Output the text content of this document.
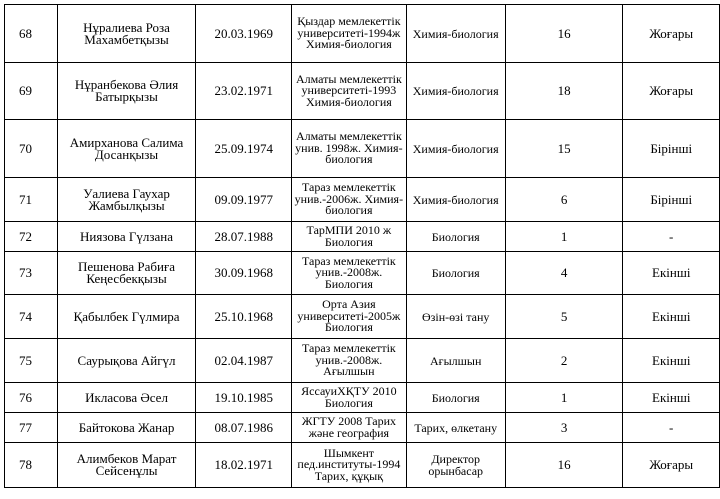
68	Нұралиева Роза Махамбетқызы	20.03.1969	Қыздар мемлекеттік университеті-1994ж Химия-биология	Химия-биология	16	Жоғары
69	Нұранбекова Әлия Батырқызы	23.02.1971	Алматы мемлекеттік университеті-1993 Химия-биология	Химия-биология	18	Жоғары
70	Амирханова Салима Досанқызы	25.09.1974	Алматы мемлекеттік унив. 1998ж. Химия-биология	Химия-биология	15	Бірінші
71	Уалиева Гаухар Жамбылқызы	09.09.1977	Тараз мемлекеттік унив.-2006ж. Химия-биология	Химия-биология	6	Бірінші
72	Ниязова Гүлзана	28.07.1988	ТарМПИ 2010 ж Биология	Биология	1	-
73	Пешенова Рабиға Кеңесбекқызы	30.09.1968	Тараз мемлекеттік унив.-2008ж. Биология	Биология	4	Екінші
74	Қабылбек Гүлмира	25.10.1968	Орта Азия университеті-2005ж Биология	Өзін-өзі тану	5	Екінші
75	Саурықова Айгүл	02.04.1987	Тараз мемлекеттік унив.-2008ж. Ағылшын	Ағылшын	2	Екінші
76	Икласова Әсел	19.10.1985	ЯссауиХҚТУ 2010 Биология	Биология	1	Екінші
77	Байтокова Жанар	08.07.1986	ЖГТУ 2008 Тарих және география	Тарих, өлкетану	3	-
78	Алимбеков Марат Сейсенұлы	18.02.1971	Шымкент пед.институты-1994 Тарих, құқық	Директор орынбасар	16	Жоғары
